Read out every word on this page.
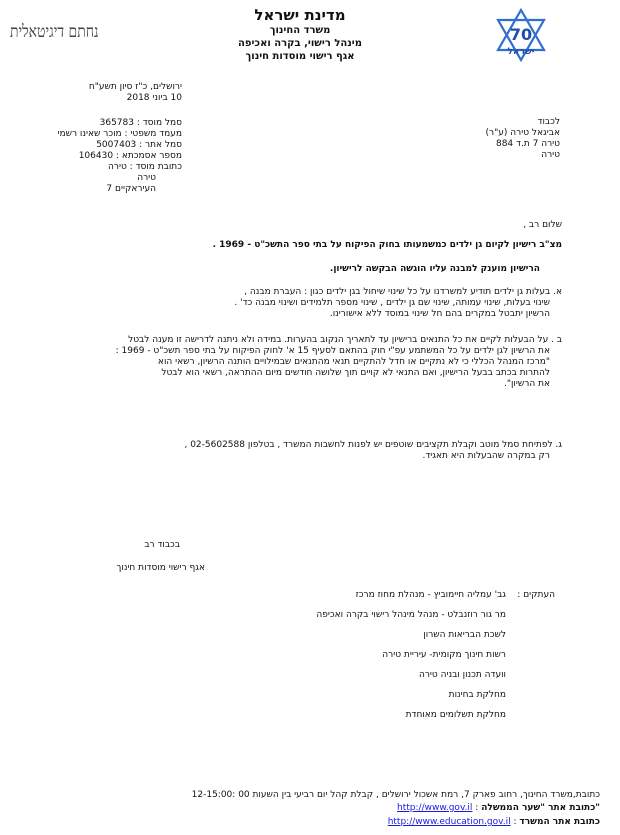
70
ישראל
מדינת ישראל
משרד החינוך
מינהל רישוי, בקרה ואכיפה
אגף רישוי מוסדות חינוך
נחתם דיגיטאלית
ירושלים, כ"ז סיון תשע"ח
10 ביוני 2018
סמל מוסד : 365783
מעמד משפטי : מוכר שאינו רשמי
סמל אתר : 5007403
מספר אסמכתא : 106430
כתובת מוסד : טירה
טירה
העיראקיים 7
לכבוד
אביגאל טירה (ע"ר)
טירה 7 ת.ד 884
טירה
שלום רב ,
מצ"ב רישיון לקיום גן ילדים כמשמעותו בחוק הפיקוח על בתי ספר התשכ"ט - 1969 .
הרישיון מוענק למבנה עליו הוגשה הבקשה לרישיון.
א. בעלות גן ילדים תודיע למשרדנו על כל שינוי שיחול בגן ילדים כגון : העברת מבנה ,
שינוי בעלות, שינוי עמותה, שינוי שם גן ילדים , שינוי מספר תלמידים ושינוי מבנה כד' .
הרשיון יתבטל במקרים בהם חל שינוי במוסד ללא אישורינו.
ב . על הבעלות לקיים את כל התנאים ברישיון עד לתאריך הנקוב בהערות. במידה ולא ניתנה לדרישה זו מענה לבטל
את הרשיון לגן ילדים על כל המשתמע עפ"י חוק בהתאם לסעיף 15 א' לחוק הפיקוח על בתי ספר תשכ"ט - 1969 :
"מרכז המנהל הכללי כי לא נתקיים או חדל להתקיים תנאי מהתנאים שבמילויים הותנה הרשיון, רשאי הוא
להתרות בכתב בבעל הרישיון, ואם התנאי לא קויים תוך שלושה חודשים מיום ההתראה, רשאי הוא לבטל
את הרשיון".
ג. לפתיחת סמל מוטב וקבלת תקציבים שוטפים יש לפנות לחשבות המשרד , בטלפון 02-5602588 ,
רק במקרה שהבעלות היא תאגיד.
בכבוד רב
אגף רישוי מוסדות חינוך
העתקים :
גב' עמליה חיימוביץ - מנהלת מחוז מרכז
מר גור רוזנבלט - מנהל מינהל רישוי בקרה ואכיפה
לשכת הבריאות השרון
רשות חינוך מקומית- עיריית טירה
וועדה תכנון ובניה טירה
מחלקת בחינות
מחלקת תשלומים מאוחדת
כתובת,משרד החינוך, רחוב פארק 7, רמת אשכול ירושלים , קבלת קהל יום רביעי בין השעות 00 :12-15:00
"כתובת אתר "שער הממשלה : http://www.gov.il
כתובת אתר המשרד : http://www.education.gov.il
